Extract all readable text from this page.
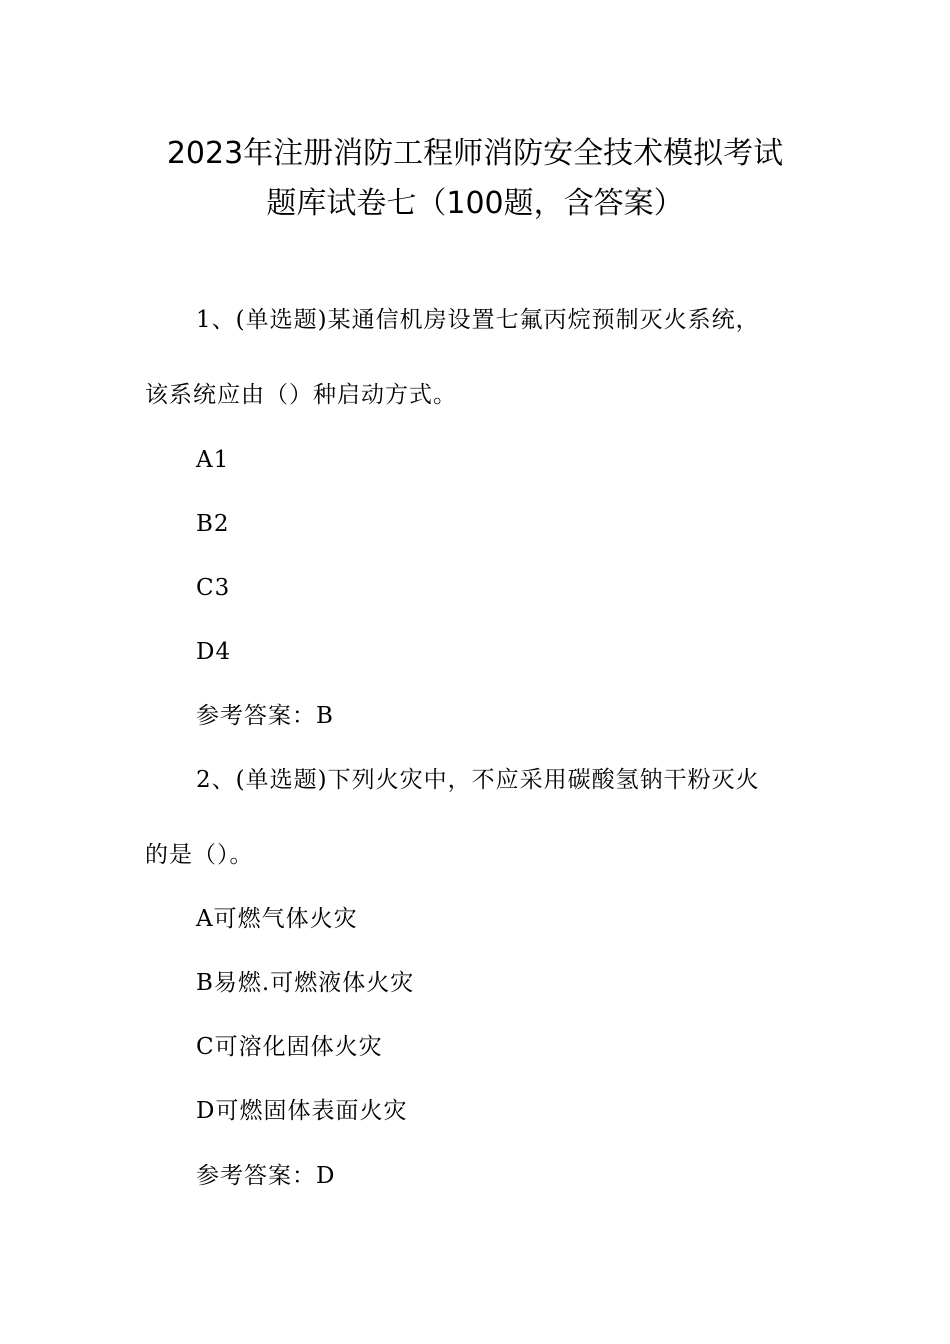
2023年注册消防工程师消防安全技术模拟考试
题库试卷七（100题，含答案）
1、(单选题)某通信机房设置七氟丙烷预制灭火系统，
该系统应由（）种启动方式。
A1
B2
C3
D4
参考答案：B
2、(单选题)下列火灾中，不应采用碳酸氢钠干粉灭火
的是（）。
A可燃气体火灾
B易燃.可燃液体火灾
C可溶化固体火灾
D可燃固体表面火灾
参考答案：D
